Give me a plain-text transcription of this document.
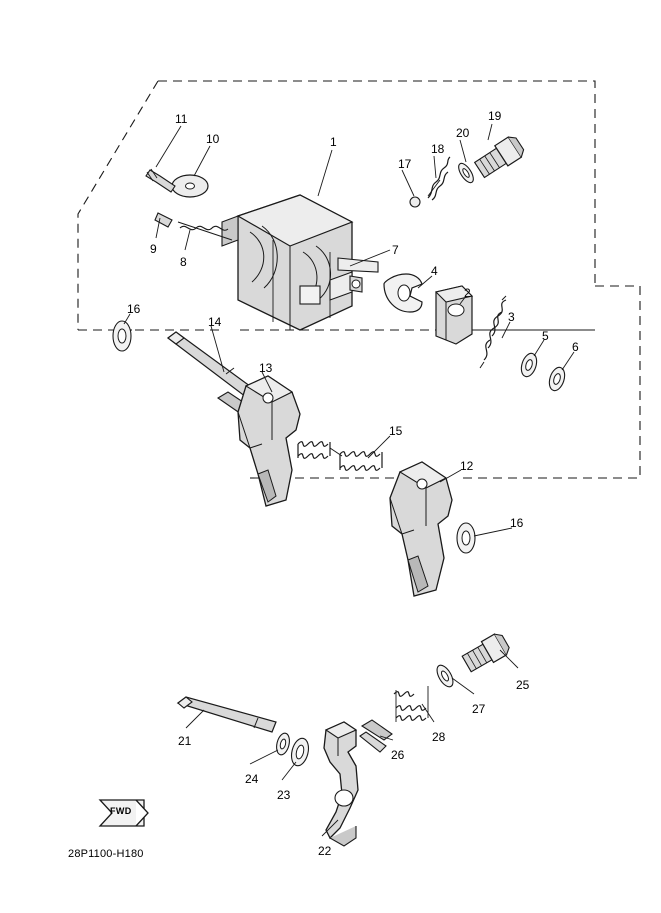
11
10	1
17
18
20
19
9
8
7
4
2
3
5
6
16
14
13
15
12
16
25
27
28
26
21
24
23
22
28P1100-H180
FWD
